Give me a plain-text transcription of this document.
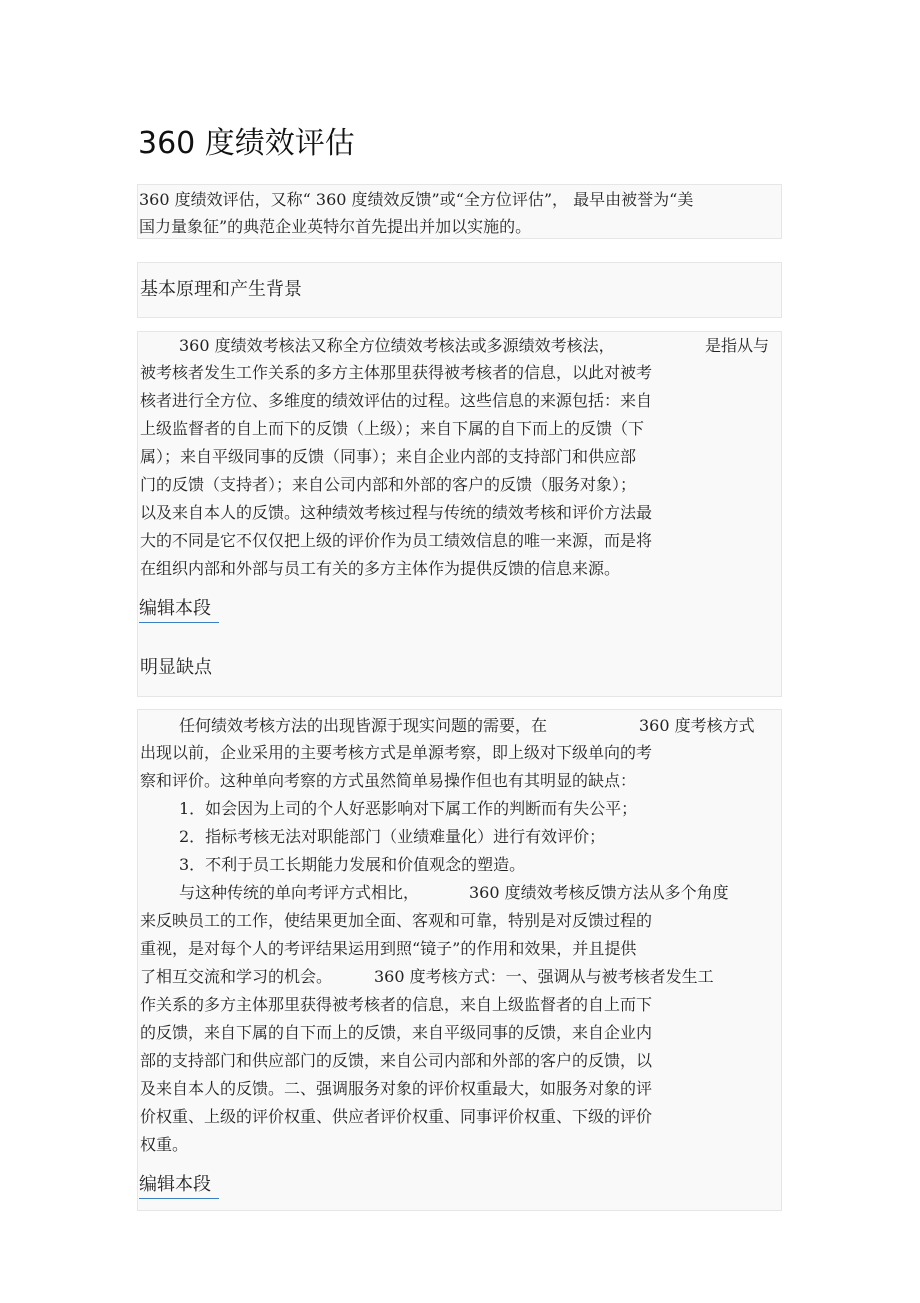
360 度绩效评估
360 度绩效评估，又称“ 360 度绩效反馈”或“全方位评估”， 最早由被誉为“美
国力量象征”的典范企业英特尔首先提出并加以实施的。
基本原理和产生背景
360 度绩效考核法又称全方位绩效考核法或多源绩效考核法，	是指从与
被考核者发生工作关系的多方主体那里获得被考核者的信息，以此对被考
核者进行全方位、多维度的绩效评估的过程。这些信息的来源包括：来自
上级监督者的自上而下的反馈（上级）；来自下属的自下而上的反馈（下
属）；来自平级同事的反馈（同事）；来自企业内部的支持部门和供应部
门的反馈（支持者）；来自公司内部和外部的客户的反馈（服务对象）；
以及来自本人的反馈。这种绩效考核过程与传统的绩效考核和评价方法最
大的不同是它不仅仅把上级的评价作为员工绩效信息的唯一来源，而是将
在组织内部和外部与员工有关的多方主体作为提供反馈的信息来源。
编辑本段
明显缺点
任何绩效考核方法的出现皆源于现实问题的需要，在	360 度考核方式
出现以前，企业采用的主要考核方式是单源考察，即上级对下级单向的考
察和评价。这种单向考察的方式虽然简单易操作但也有其明显的缺点：
1．如会因为上司的个人好恶影响对下属工作的判断而有失公平；
2．指标考核无法对职能部门（业绩难量化）进行有效评价；
3．不利于员工长期能力发展和价值观念的塑造。
与这种传统的单向考评方式相比，	360 度绩效考核反馈方法从多个角度
来反映员工的工作，使结果更加全面、客观和可靠，特别是对反馈过程的
重视，是对每个人的考评结果运用到照“镜子”的作用和效果，并且提供
了相互交流和学习的机会。	360 度考核方式：一、强调从与被考核者发生工
作关系的多方主体那里获得被考核者的信息，来自上级监督者的自上而下
的反馈，来自下属的自下而上的反馈，来自平级同事的反馈，来自企业内
部的支持部门和供应部门的反馈，来自公司内部和外部的客户的反馈，以
及来自本人的反馈。二、强调服务对象的评价权重最大，如服务对象的评
价权重、上级的评价权重、供应者评价权重、同事评价权重、下级的评价
权重。
编辑本段
